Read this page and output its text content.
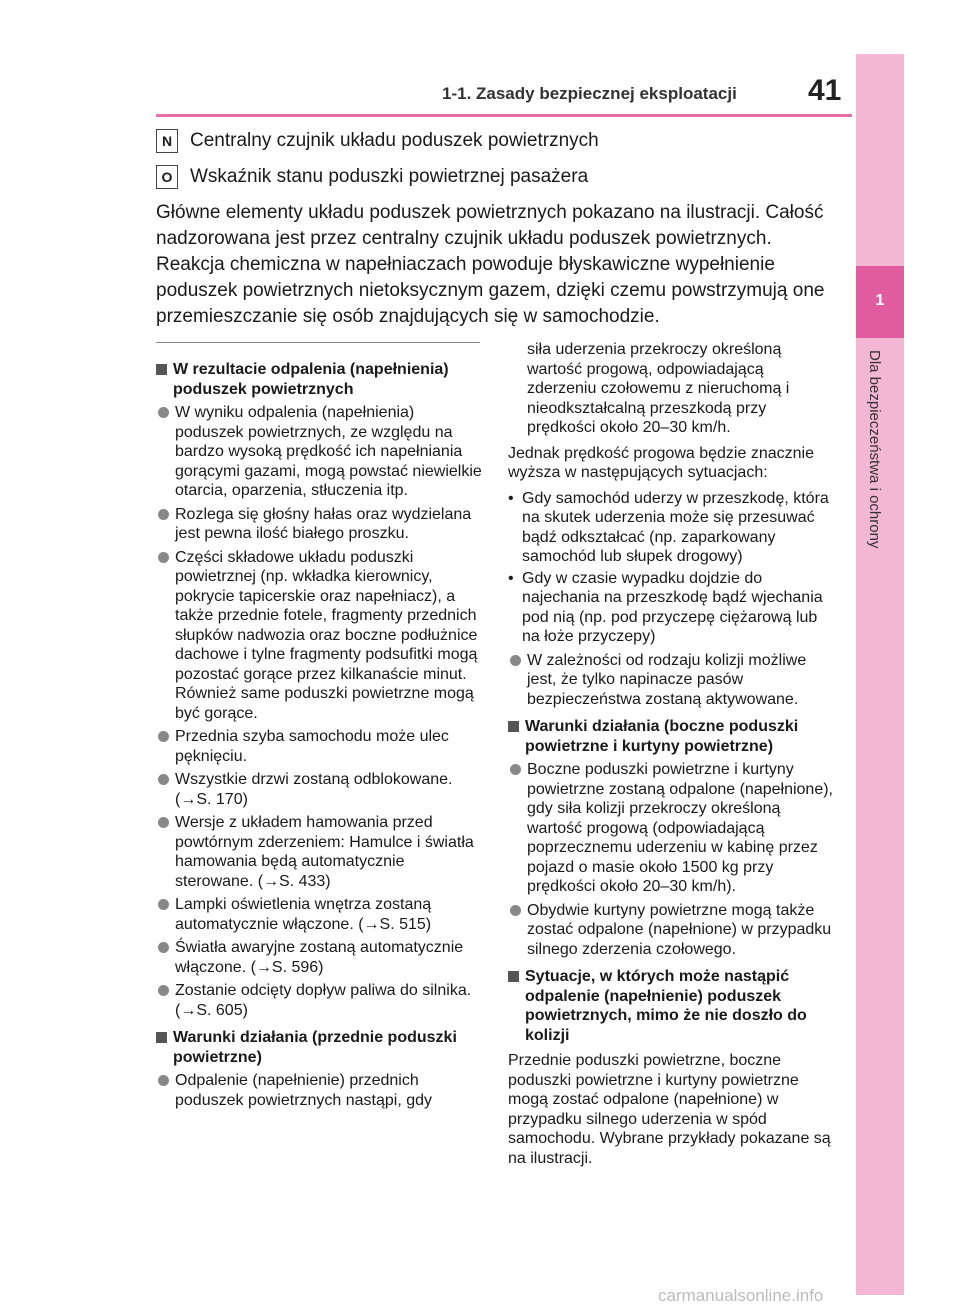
1-1. Zasady bezpiecznej eksploatacji 41
1
Dla bezpieczeństwa i ochrony
N Centralny czujnik układu poduszek powietrznych
O Wskaźnik stanu poduszki powietrznej pasażera
Główne elementy układu poduszek powietrznych pokazano na ilustracji. Całość nadzorowana jest przez centralny czujnik układu poduszek powietrznych. Reakcja chemiczna w napełniaczach powoduje błyskawiczne wypełnienie poduszek powietrznych nietoksycznym gazem, dzięki czemu powstrzymują one przemieszczanie się osób znajdujących się w samochodzie.
W rezultacie odpalenia (napełnienia) poduszek powietrznych
W wyniku odpalenia (napełnienia) poduszek powietrznych, ze względu na bardzo wysoką prędkość ich napełniania gorącymi gazami, mogą powstać niewielkie otarcia, oparzenia, stłuczenia itp.
Rozlega się głośny hałas oraz wydzielana jest pewna ilość białego proszku.
Części składowe układu poduszki powietrznej (np. wkładka kierownicy, pokrycie tapicerskie oraz napełniacz), a także przednie fotele, fragmenty przednich słupków nadwozia oraz boczne podłużnice dachowe i tylne fragmenty podsufitki mogą pozostać gorące przez kilkanaście minut. Również same poduszki powietrzne mogą być gorące.
Przednia szyba samochodu może ulec pęknięciu.
Wszystkie drzwi zostaną odblokowane. (→S. 170)
Wersje z układem hamowania przed powtórnym zderzeniem: Hamulce i światła hamowania będą automatycznie sterowane. (→S. 433)
Lampki oświetlenia wnętrza zostaną automatycznie włączone. (→S. 515)
Światła awaryjne zostaną automatycznie włączone. (→S. 596)
Zostanie odcięty dopływ paliwa do silnika. (→S. 605)
Warunki działania (przednie poduszki powietrzne)
Odpalenie (napełnienie) przednich poduszek powietrznych nastąpi, gdy
siła uderzenia przekroczy określoną wartość progową, odpowiadającą zderzeniu czołowemu z nieruchomą i nieodkształcalną przeszkodą przy prędkości około 20–30 km/h.
Jednak prędkość progowa będzie znacznie wyższa w następujących sytuacjach:
• Gdy samochód uderzy w przeszkodę, która na skutek uderzenia może się przesuwać bądź odkształcać (np. zaparkowany samochód lub słupek drogowy)
• Gdy w czasie wypadku dojdzie do najechania na przeszkodę bądź wjechania pod nią (np. pod przyczepę ciężarową lub na łoże przyczepy)
W zależności od rodzaju kolizji możliwe jest, że tylko napinacze pasów bezpieczeństwa zostaną aktywowane.
Warunki działania (boczne poduszki powietrzne i kurtyny powietrzne)
Boczne poduszki powietrzne i kurtyny powietrzne zostaną odpalone (napełnione), gdy siła kolizji przekroczy określoną wartość progową (odpowiadającą poprzecznemu uderzeniu w kabinę przez pojazd o masie około 1500 kg przy prędkości około 20–30 km/h).
Obydwie kurtyny powietrzne mogą także zostać odpalone (napełnione) w przypadku silnego zderzenia czołowego.
Sytuacje, w których może nastąpić odpalenie (napełnienie) poduszek powietrznych, mimo że nie doszło do kolizji
Przednie poduszki powietrzne, boczne poduszki powietrzne i kurtyny powietrzne mogą zostać odpalone (napełnione) w przypadku silnego uderzenia w spód samochodu. Wybrane przykłady pokazane są na ilustracji.
carmanualsonline.info
